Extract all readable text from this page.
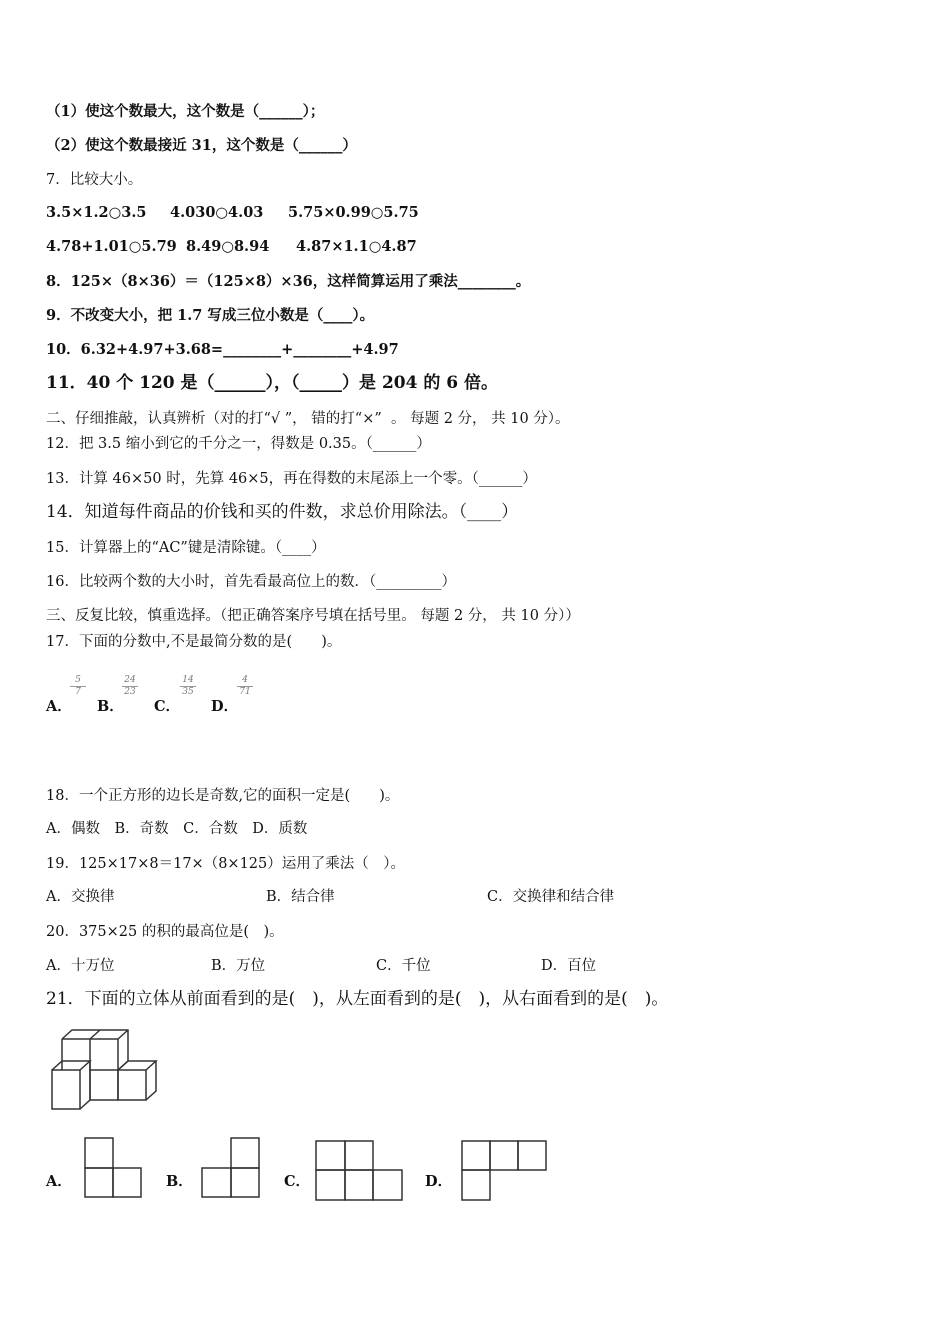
（1）使这个数最大，这个数是（______）；
（2）使这个数最接近 31，这个数是（______）
7．比较大小。
3.5×1.2○3.5 4.030○4.03 5.75×0.99○5.75
4.78+1.01○5.79 8.49○8.94 4.87×1.1○4.87
8．125×（8×36）＝（125×8）×36，这样简算运用了乘法________。
9．不改变大小，把 1.7 写成三位小数是（____）。
10．6.32+4.97+3.68=________+________+4.97
11．40 个 120 是（______），（_____）是 204 的 6 倍。
二、仔细推敲，认真辨析（对的打“√ ”， 错的打“×”  。 每题 2 分， 共 10 分）。
12．把 3.5 缩小到它的千分之一，得数是 0.35。（______）
13．计算 46×50 时，先算 46×5，再在得数的末尾添上一个零。（______）
14．知道每件商品的价钱和买的件数，求总价用除法。（____）
15．计算器上的“AC”键是清除键。（____）
16．比较两个数的大小时，首先看最高位上的数．（_________）
三、反复比较，慎重选择。（把正确答案序号填在括号里。 每题 2 分， 共 10 分））
17．下面的分数中,不是最简分数的是(　　)。
A．
$\frac{5}{7}$
B．
$\frac{24}{23}$
C．
$\frac{14}{35}$
D．
$\frac{4}{71}$
18．一个正方形的边长是奇数,它的面积一定是(　　)。
A．偶数　B．奇数　C．合数　D．质数
19．125×17×8＝17×（8×125）运用了乘法（　）。
A．交换律	B．结合律	C．交换律和结合律
20．375×25 的积的最高位是(　)。
A．十万位	B．万位	C．千位	D．百位
21．下面的立体从前面看到的是(　)，从左面看到的是(　)，从右面看到的是(　)。
A．	B．	C．	D．
